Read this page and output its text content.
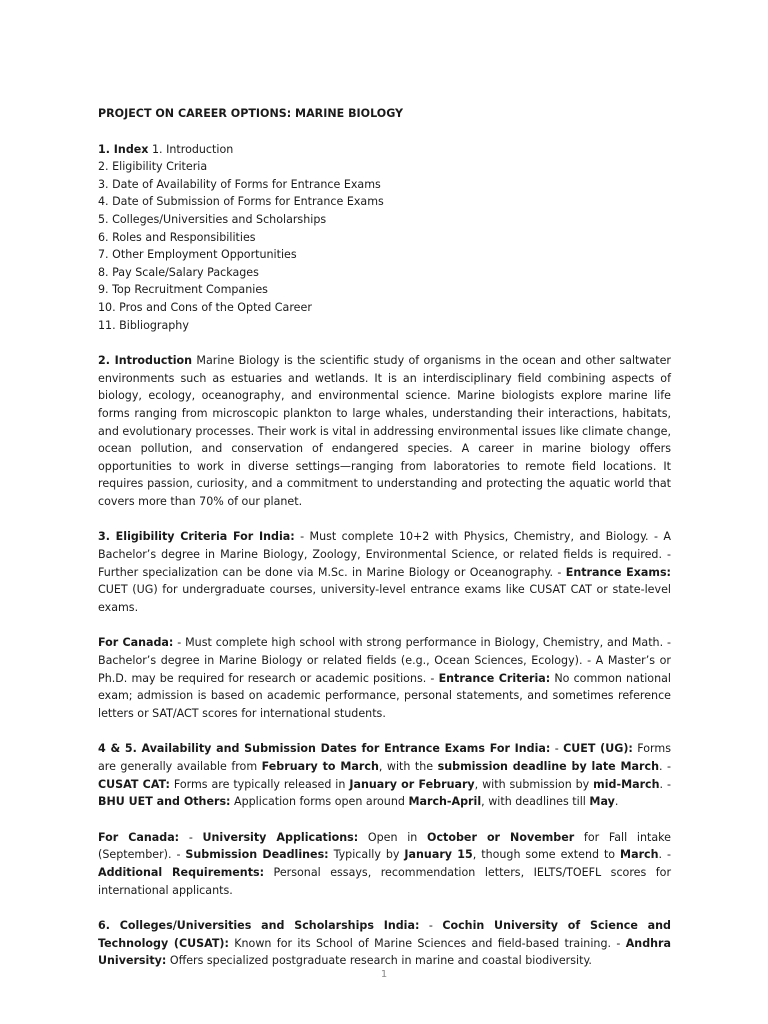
PROJECT ON CAREER OPTIONS: MARINE BIOLOGY

1. Index 1. Introduction

2. Eligibility Criteria

3. Date of Availability of Forms for Entrance Exams

4. Date of Submission of Forms for Entrance Exams

5. Colleges/Universities and Scholarships

6. Roles and Responsibilities

7. Other Employment Opportunities

8. Pay Scale/Salary Packages

9. Top Recruitment Companies

10. Pros and Cons of the Opted Career

11. Bibliography

2. Introduction Marine Biology is the scientific study of organisms in the ocean and other saltwater environments such as estuaries and wetlands. It is an interdisciplinary field combining aspects of biology, ecology, oceanography, and environmental science. Marine biologists explore marine life forms ranging from microscopic plankton to large whales, understanding their interactions, habitats, and evolutionary processes. Their work is vital in addressing environmental issues like climate change, ocean pollution, and conservation of endangered species. A career in marine biology offers opportunities to work in diverse settings—ranging from laboratories to remote field locations. It requires passion, curiosity, and a commitment to understanding and protecting the aquatic world that covers more than 70% of our planet.

3. Eligibility Criteria For India: - Must complete 10+2 with Physics, Chemistry, and Biology. - A Bachelor’s degree in Marine Biology, Zoology, Environmental Science, or related fields is required. - Further specialization can be done via M.Sc. in Marine Biology or Oceanography. - Entrance Exams: CUET (UG) for undergraduate courses, university-level entrance exams like CUSAT CAT or state-level exams.

For Canada: - Must complete high school with strong performance in Biology, Chemistry, and Math. - Bachelor’s degree in Marine Biology or related fields (e.g., Ocean Sciences, Ecology). - A Master’s or Ph.D. may be required for research or academic positions. - Entrance Criteria: No common national exam; admission is based on academic performance, personal statements, and sometimes reference letters or SAT/ACT scores for international students.

4 & 5. Availability and Submission Dates for Entrance Exams For India: - CUET (UG): Forms are generally available from February to March, with the submission deadline by late March. - CUSAT CAT: Forms are typically released in January or February, with submission by mid-March. - BHU UET and Others: Application forms open around March-April, with deadlines till May.

For Canada: - University Applications: Open in October or November for Fall intake (September). - Submission Deadlines: Typically by January 15, though some extend to March. - Additional Requirements: Personal essays, recommendation letters, IELTS/TOEFL scores for international applicants.

6. Colleges/Universities and Scholarships India: - Cochin University of Science and Technology (CUSAT): Known for its School of Marine Sciences and field-based training. - Andhra University: Offers specialized postgraduate research in marine and coastal biodiversity.

1
